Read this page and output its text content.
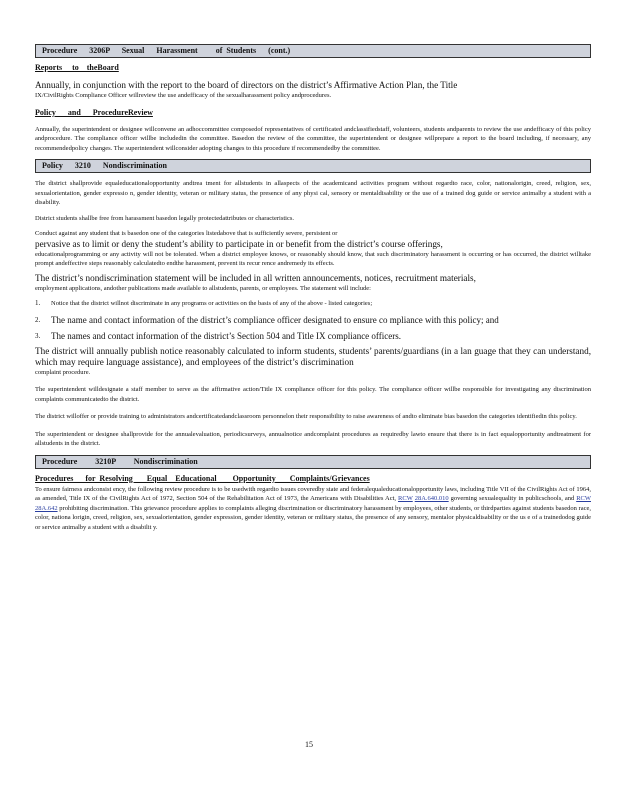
Procedure      3206P      Sexual      Harassment         of  Students      (cont.)
Reports     to    theBoard
Annually, in conjunction with the report to the board of directors on the district’s Affirmative Action Plan, the Title
IX/CivilRights Compliance Officer willreview the use andefficacy of the sexualharassment policy andprocedures.
Policy      and      ProcedureReview
Annually, the superintendent or designee willconvene an adhoccommittee composedof representatives of certificated andclassifiedstaff, volunteers, students andparents to review the use andefficacy of this policy andprocedure. The compliance officer willbe includedin the committee. Basedon the review of the committee, the superintendent or designee willprepare a report to the board including, if necessary, any recommendedpolicy changes. The superintendent willconsider adopting changes to this procedure if recommendedby the committee.
Policy      3210      Nondiscrimination
The district shallprovide equaleducationalopportunity andtrea tment for allstudents in allaspects of the academicand activities program without regardto race, color, nationalorigin, creed, religion, sex, sexualorientation, gender expressio n, gender identity, veteran or military status, the presence of any physi cal, sensory or mentaldisability or the use of a trained dog guide or service animalby a student with a disability.
District students shallbe free from harassment basedon legally protectedattributes or characteristics.
Conduct against any student that is basedon one of the categories listedabove that is sufficiently severe, persistent or
pervasive as to limit or deny the student’s ability to participate in or benefit from the district’s course offerings,
educationalprogramming or any activity will not be tolerated. When a district employee knows, or reasonably should know, that such discriminatory harassment is occurring or has occurred, the district willtake prompt andeffective steps reasonably calculatedto endthe harassment, prevent its recur rence andremedy its effects.
The district’s nondiscrimination statement will be included in all written announcements, notices, recruitment materials,
employment applications, andother publications made available to allstudents, parents, or employees. The statement will include:
1.	Notice that the district willnot discriminate in any programs or activities on the basis of any of the above - listed categories;
2.	The name and contact information of the district’s compliance officer designated to ensure co mpliance with this policy; and
3.	The names and contact information of the district’s Section 504 and Title IX compliance officers.
The district will annually publish notice reasonably calculated to inform students, students’ parents/guardians (in a lan guage that they can understand, which may require language assistance), and employees of the district’s discrimination
complaint procedure.
The superintendent willdesignate a staff member to serve as the affirmative action/Title IX compliance officer for this policy. The compliance officer willbe responsible for investigating any discrimination complaints communicatedto the district.
The district willoffer or provide training to administrators andcertificatedandclassroom personnelon their responsibility to raise awareness of andto eliminate bias basedon the categories identifiedin this policy.
The superintendent or designee shallprovide for the annualevaluation, periodicsurveys, annualnotice andcomplaint procedures as requiredby lawto ensure that there is in fact equalopportunity andtreatment for allstudents in the district.
Procedure         3210P         Nondiscrimination
Procedures      for  Resolving       Equal    Educational        Opportunity       Complaints/Grievances
To ensure fairness andconsist ency, the following review procedure is to be usedwith regardto issues coveredby state and federalequaleducationalopportunity laws, including Title VII of the CivilRights Act of 1964, as amended, Title IX of the CivilRights Act of 1972, Section 504 of the Rehabilitation Act of 1973, the Americans with Disabilities Act, RCW 28A.640.010 governing sexualequality in publicschools, and RCW 28A.642 prohibiting discrimination. This grievance procedure applies to complaints alleging discrimination or discriminatory harassment by employees, other students, or thirdparties against students basedon race, color, nationa lorigin, creed, religion, sex, sexualorientation, gender expression, gender identity, veteran or military status, the presence of any sensory, mentalor physicaldisability or the us e of a trainedodog guide or service animalby a student with a disabilit y.
15
